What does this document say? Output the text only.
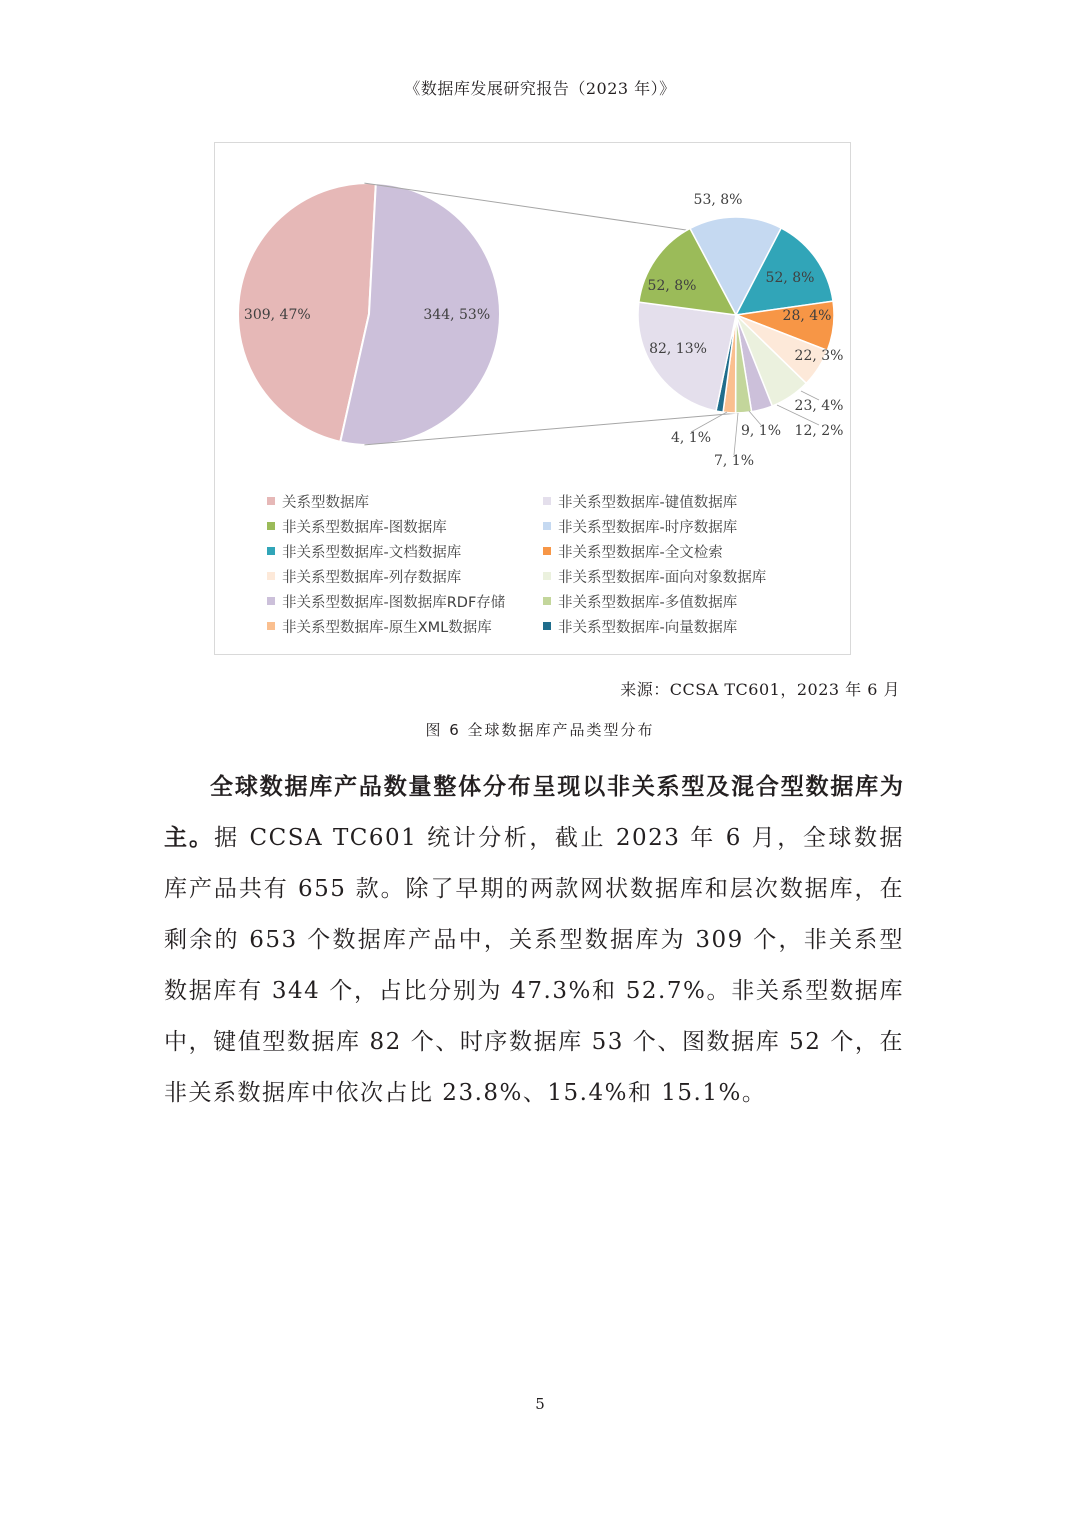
《数据库发展研究报告（2023 年）》
309, 47%	344, 53%
53, 8%
52, 8%
28, 4%
22, 3%
23, 4%
12, 2%
9, 1%
7, 1%
4, 1%
82, 13%
52, 8%
关系型数据库	非关系型数据库-键值数据库
非关系型数据库-图数据库	非关系型数据库-时序数据库
非关系型数据库-文档数据库	非关系型数据库-全文检索
非关系型数据库-列存数据库	非关系型数据库-面向对象数据库
非关系型数据库-图数据库RDF存储	非关系型数据库-多值数据库
非关系型数据库-原生XML数据库	非关系型数据库-向量数据库
来源：CCSA TC601，2023 年 6 月
图 6 全球数据库产品类型分布

全球数据库产品数量整体分布呈现以非关系型及混合型数据库为主。据 CCSA TC601 统计分析，截止 2023 年 6 月，全球数据库产品共有 655 款。除了早期的两款网状数据库和层次数据库，在剩余的 653 个数据库产品中，关系型数据库为 309 个，非关系型数据库有 344 个，占比分别为 47.3%和 52.7%。非关系型数据库中，键值型数据库 82 个、时序数据库 53 个、图数据库 52 个，在非关系数据库中依次占比 23.8%、15.4%和 15.1%。

5
